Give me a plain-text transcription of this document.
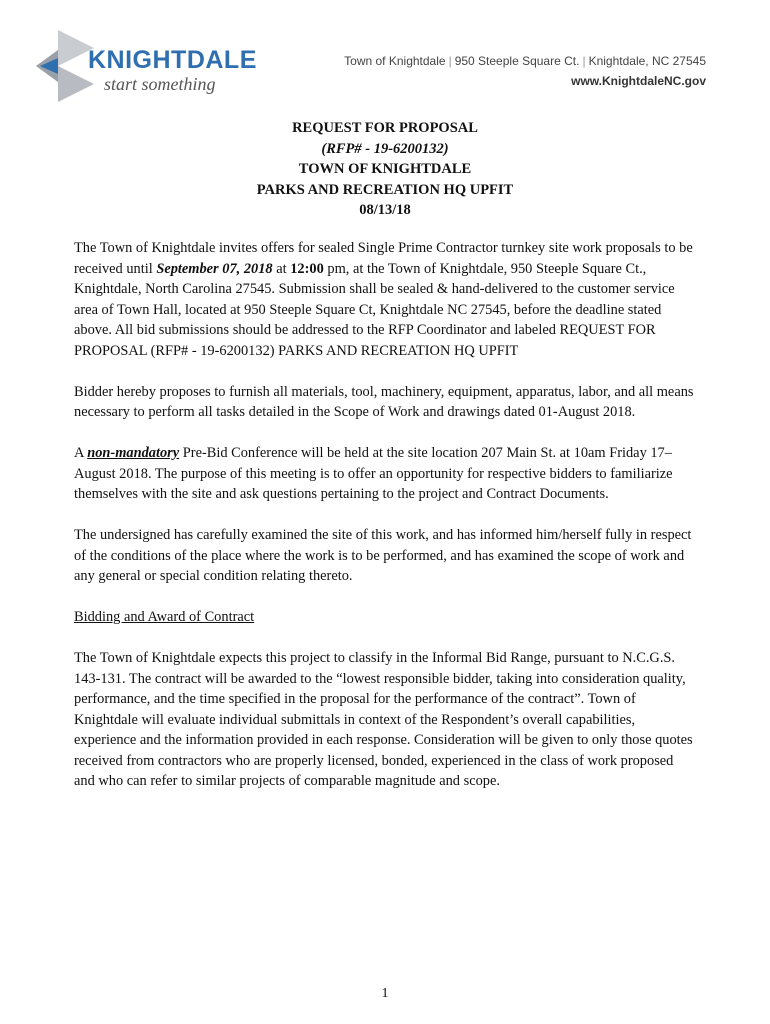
KNIGHTDALE
start something
Town of Knightdale | 950 Steeple Square Ct. | Knightdale, NC 27545
www.KnightdaleNC.gov
REQUEST FOR PROPOSAL
(RFP# - 19-6200132)
TOWN OF KNIGHTDALE
PARKS AND RECREATION HQ UPFIT
08/13/18

The Town of Knightdale invites offers for sealed Single Prime Contractor turnkey site work proposals to be received until September 07, 2018 at 12:00 pm, at the Town of Knightdale, 950 Steeple Square Ct., Knightdale, North Carolina 27545. Submission shall be sealed & hand-delivered to the customer service area of Town Hall, located at 950 Steeple Square Ct, Knightdale NC 27545, before the deadline stated above. All bid submissions should be addressed to the RFP Coordinator and labeled REQUEST FOR PROPOSAL (RFP# - 19-6200132) PARKS AND RECREATION HQ UPFIT

Bidder hereby proposes to furnish all materials, tool, machinery, equipment, apparatus, labor, and all means necessary to perform all tasks detailed in the Scope of Work and drawings dated 01-August 2018.

A non-mandatory Pre-Bid Conference will be held at the site location 207 Main St. at 10am Friday 17–August 2018. The purpose of this meeting is to offer an opportunity for respective bidders to familiarize themselves with the site and ask questions pertaining to the project and Contract Documents.

The undersigned has carefully examined the site of this work, and has informed him/herself fully in respect of the conditions of the place where the work is to be performed, and has examined the scope of work and any general or special condition relating thereto.

Bidding and Award of Contract

The Town of Knightdale expects this project to classify in the Informal Bid Range, pursuant to N.C.G.S. 143-131. The contract will be awarded to the “lowest responsible bidder, taking into consideration quality, performance, and the time specified in the proposal for the performance of the contract”. Town of Knightdale will evaluate individual submittals in context of the Respondent’s overall capabilities, experience and the information provided in each response. Consideration will be given to only those quotes received from contractors who are properly licensed, bonded, experienced in the class of work proposed and who can refer to similar projects of comparable magnitude and scope.

1
